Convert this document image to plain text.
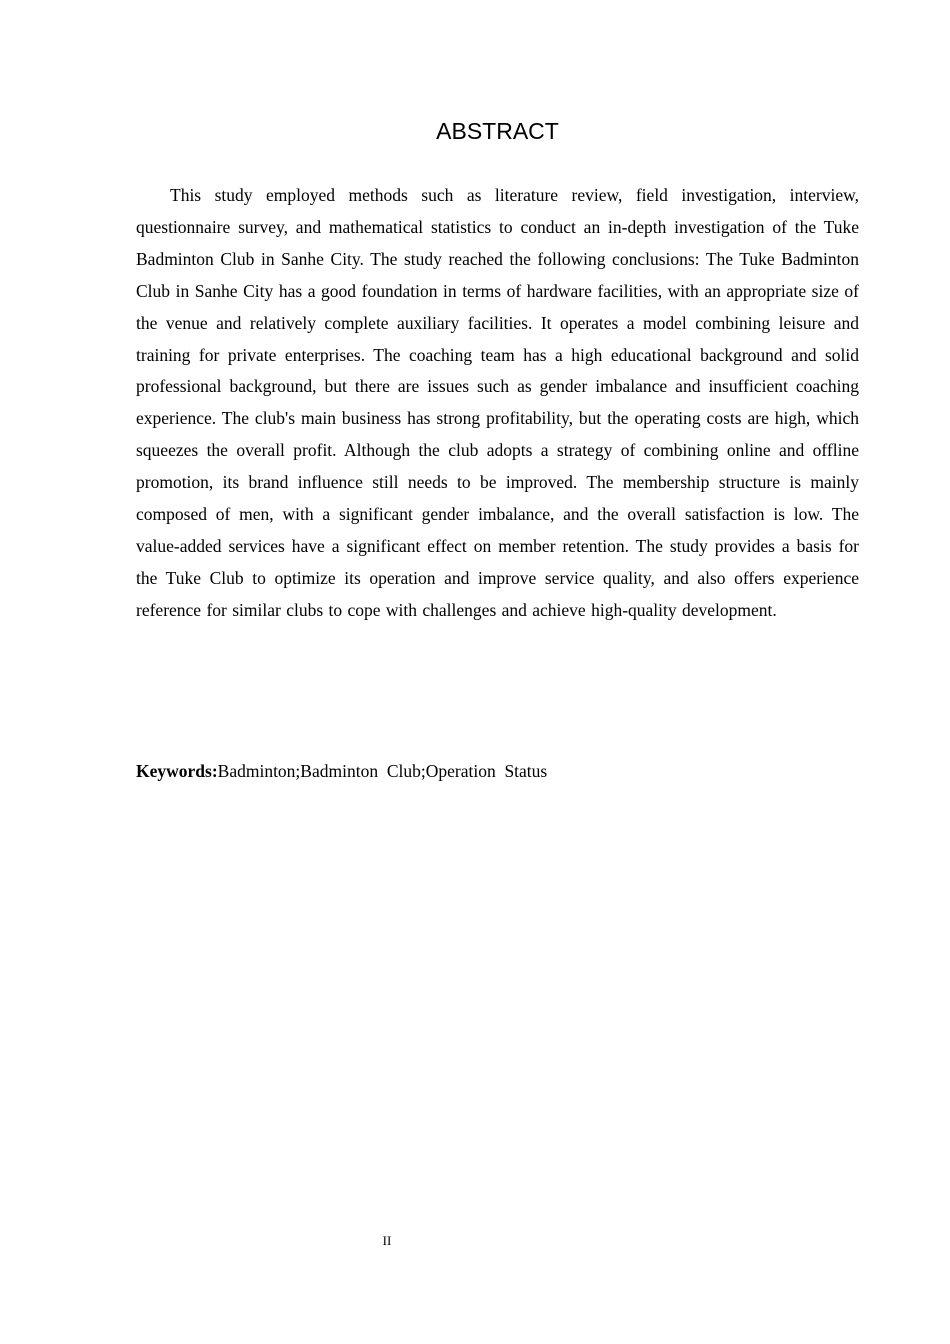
ABSTRACT

This study employed methods such as literature review, field investigation, interview, questionnaire survey, and mathematical statistics to conduct an in-depth investigation of the Tuke Badminton Club in Sanhe City. The study reached the following conclusions: The Tuke Badminton Club in Sanhe City has a good foundation in terms of hardware facilities, with an appropriate size of the venue and relatively complete auxiliary facilities. It operates a model combining leisure and training for private enterprises. The coaching team has a high educational background and solid professional background, but there are issues such as gender imbalance and insufficient coaching experience. The club's main business has strong profitability, but the operating costs are high, which squeezes the overall profit. Although the club adopts a strategy of combining online and offline promotion, its brand influence still needs to be improved. The membership structure is mainly composed of men, with a significant gender imbalance, and the overall satisfaction is low. The value-added services have a significant effect on member retention. The study provides a basis for the Tuke Club to optimize its operation and improve service quality, and also offers experience reference for similar clubs to cope with challenges and achieve high-quality development.

Keywords:Badminton;Badminton  Club;Operation  Status

II
